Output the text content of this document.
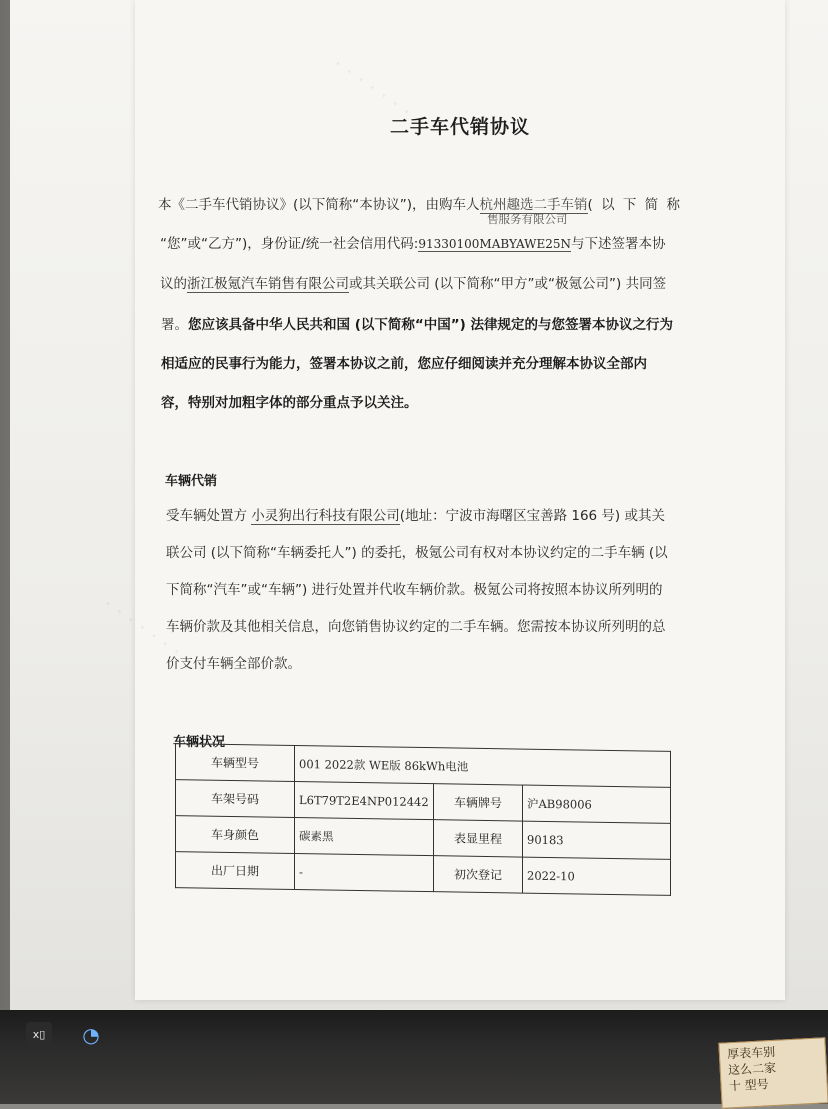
· · · · · · · ·
· · · · · · · ·
二手车代销协议
本《二手车代销协议》(以下简称“本协议”)，由购车人杭州趣选二手车销( 以 下 简 称
售服务有限公司
“您”或“乙方”)，身份证/统一社会信用代码:91330100MABYAWE25N与下述签署本协
议的浙江极氪汽车销售有限公司或其关联公司 (以下简称“甲方”或“极氪公司”) 共同签
署。您应该具备中华人民共和国 (以下简称“中国”) 法律规定的与您签署本协议之行为相适应的民事行为能力，签署本协议之前，您应仔细阅读并充分理解本协议全部内容，特别对加粗字体的部分重点予以关注。
车辆代销
受车辆处置方 小灵狗出行科技有限公司(地址：宁波市海曙区宝善路 166 号) 或其关联公司 (以下简称“车辆委托人”) 的委托，极氪公司有权对本协议约定的二手车辆 (以下简称“汽车”或“车辆”) 进行处置并代收车辆价款。极氪公司将按照本协议所列明的车辆价款及其他相关信息，向您销售协议约定的二手车辆。您需按本协议所列明的总价支付车辆全部价款。
车辆状况
车辆型号	001 2022款 WE版 86kWh电池		
车架号码	L6T79T2E4NP012442	车辆牌号	沪AB98006
车身颜色	碳素黑	表显里程	90183
出厂日期	-	初次登记	2022-10
x▯	◔
厚表车别
这么二家
十 型号
